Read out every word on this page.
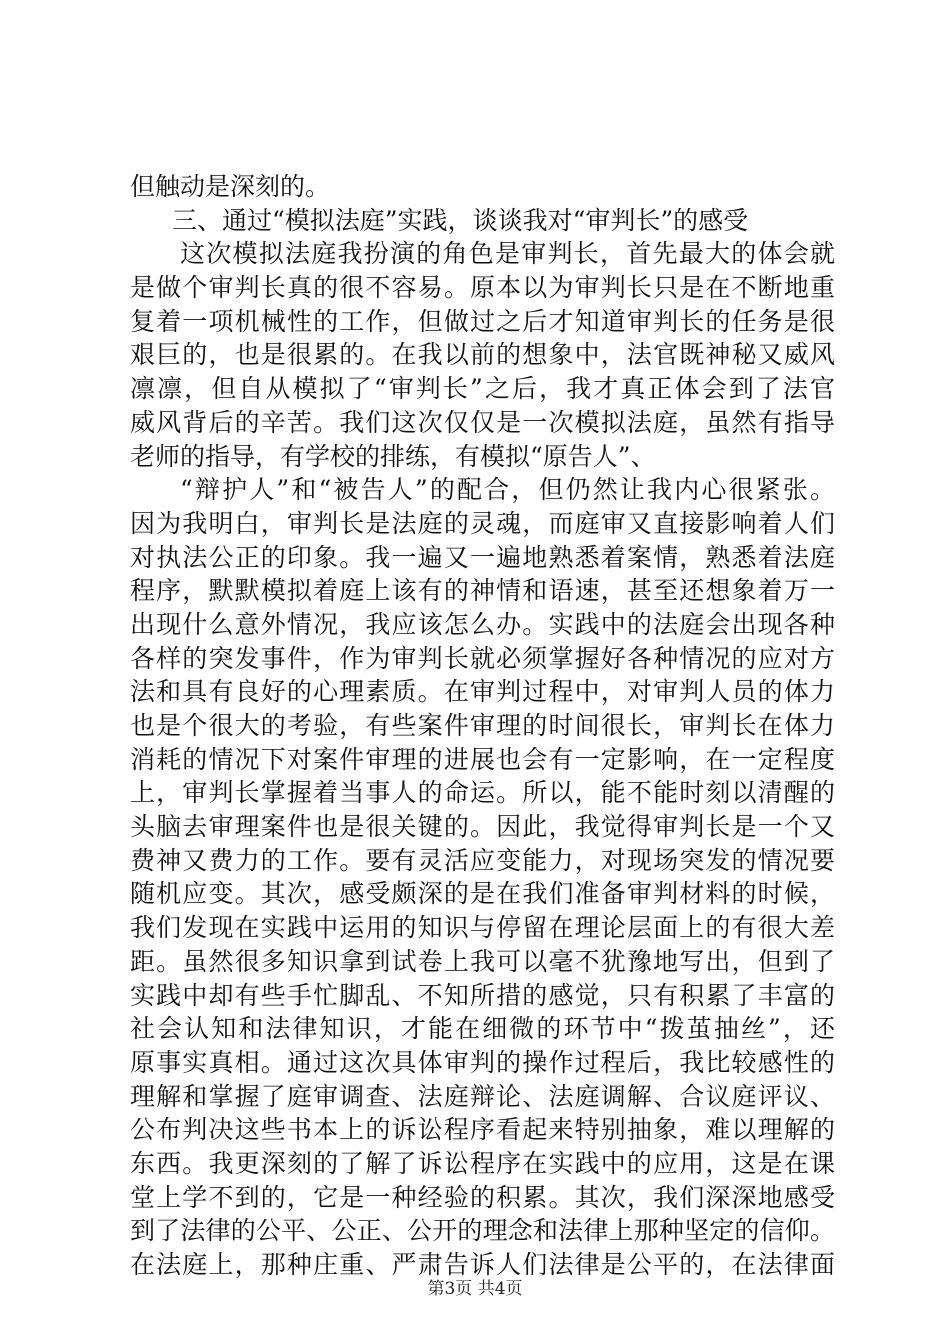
但触动是深刻的。
三、通过“模拟法庭”实践，谈谈我对“审判长”的感受
这次模拟法庭我扮演的角色是审判长，首先最大的体会就
是做个审判长真的很不容易。原本以为审判长只是在不断地重
复着一项机械性的工作，但做过之后才知道审判长的任务是很
艰巨的，也是很累的。在我以前的想象中，法官既神秘又威风
凛凛，但自从模拟了“审判长”之后，我才真正体会到了法官
威风背后的辛苦。我们这次仅仅是一次模拟法庭，虽然有指导
老师的指导，有学校的排练，有模拟“原告人”、
“辩护人”和“被告人”的配合，但仍然让我内心很紧张。
因为我明白，审判长是法庭的灵魂，而庭审又直接影响着人们
对执法公正的印象。我一遍又一遍地熟悉着案情，熟悉着法庭
程序，默默模拟着庭上该有的神情和语速，甚至还想象着万一
出现什么意外情况，我应该怎么办。实践中的法庭会出现各种
各样的突发事件，作为审判长就必须掌握好各种情况的应对方
法和具有良好的心理素质。在审判过程中，对审判人员的体力
也是个很大的考验，有些案件审理的时间很长，审判长在体力
消耗的情况下对案件审理的进展也会有一定影响，在一定程度
上，审判长掌握着当事人的命运。所以，能不能时刻以清醒的
头脑去审理案件也是很关键的。因此，我觉得审判长是一个又
费神又费力的工作。要有灵活应变能力，对现场突发的情况要
随机应变。其次，感受颇深的是在我们准备审判材料的时候，
我们发现在实践中运用的知识与停留在理论层面上的有很大差
距。虽然很多知识拿到试卷上我可以毫不犹豫地写出，但到了
实践中却有些手忙脚乱、不知所措的感觉，只有积累了丰富的
社会认知和法律知识，才能在细微的环节中“拨茧抽丝”，还
原事实真相。通过这次具体审判的操作过程后，我比较感性的
理解和掌握了庭审调查、法庭辩论、法庭调解、合议庭评议、
公布判决这些书本上的诉讼程序看起来特别抽象，难以理解的
东西。我更深刻的了解了诉讼程序在实践中的应用，这是在课
堂上学不到的，它是一种经验的积累。其次，我们深深地感受
到了法律的公平、公正、公开的理念和法律上那种坚定的信仰。
在法庭上，那种庄重、严肃告诉人们法律是公平的，在法律面
第3页 共4页
